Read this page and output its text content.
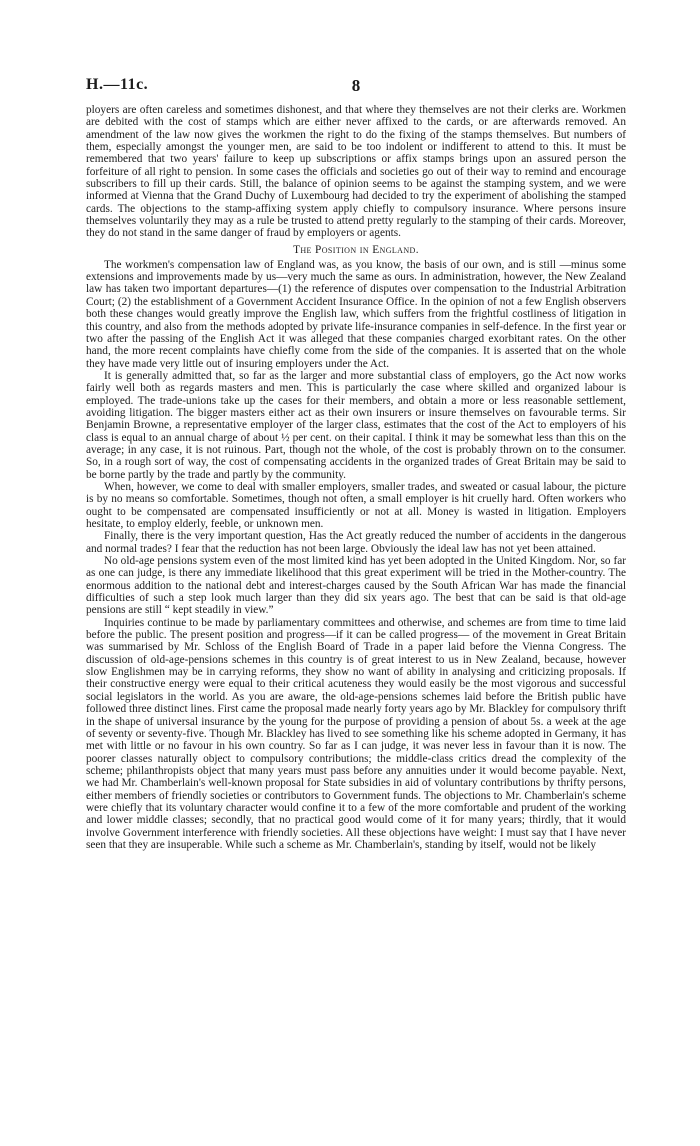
H.—11c.	8

ployers are often careless and sometimes dishonest, and that where they themselves are not their clerks are. Workmen are debited with the cost of stamps which are either never affixed to the cards, or are afterwards removed. An amendment of the law now gives the workmen the right to do the fixing of the stamps themselves. But numbers of them, especially amongst the younger men, are said to be too indolent or indifferent to attend to this. It must be remembered that two years' failure to keep up subscriptions or affix stamps brings upon an assured person the forfeiture of all right to pension. In some cases the officials and societies go out of their way to remind and encourage subscribers to fill up their cards. Still, the balance of opinion seems to be against the stamping system, and we were informed at Vienna that the Grand Duchy of Luxembourg had decided to try the experiment of abolishing the stamped cards. The objections to the stamp-affixing system apply chiefly to compulsory insurance. Where persons insure themselves voluntarily they may as a rule be trusted to attend pretty regularly to the stamping of their cards. Moreover, they do not stand in the same danger of fraud by employers or agents.

The Position in England.

The workmen's compensation law of England was, as you know, the basis of our own, and is still —minus some extensions and improvements made by us—very much the same as ours. In administration, however, the New Zealand law has taken two important departures—(1) the reference of disputes over compensation to the Industrial Arbitration Court; (2) the establishment of a Government Accident Insurance Office. In the opinion of not a few English observers both these changes would greatly improve the English law, which suffers from the frightful costliness of litigation in this country, and also from the methods adopted by private life-insurance companies in self-defence. In the first year or two after the passing of the English Act it was alleged that these companies charged exorbitant rates. On the other hand, the more recent complaints have chiefly come from the side of the companies. It is asserted that on the whole they have made very little out of insuring employers under the Act.

It is generally admitted that, so far as the larger and more substantial class of employers, go the Act now works fairly well both as regards masters and men. This is particularly the case where skilled and organized labour is employed. The trade-unions take up the cases for their members, and obtain a more or less reasonable settlement, avoiding litigation. The bigger masters either act as their own insurers or insure themselves on favourable terms. Sir Benjamin Browne, a representative employer of the larger class, estimates that the cost of the Act to employers of his class is equal to an annual charge of about ½ per cent. on their capital. I think it may be somewhat less than this on the average; in any case, it is not ruinous. Part, though not the whole, of the cost is probably thrown on to the consumer. So, in a rough sort of way, the cost of compensating accidents in the organized trades of Great Britain may be said to be borne partly by the trade and partly by the community.

When, however, we come to deal with smaller employers, smaller trades, and sweated or casual labour, the picture is by no means so comfortable. Sometimes, though not often, a small employer is hit cruelly hard. Often workers who ought to be compensated are compensated insufficiently or not at all. Money is wasted in litigation. Employers hesitate, to employ elderly, feeble, or unknown men.

Finally, there is the very important question, Has the Act greatly reduced the number of accidents in the dangerous and normal trades? I fear that the reduction has not been large. Obviously the ideal law has not yet been attained.

No old-age pensions system even of the most limited kind has yet been adopted in the United Kingdom. Nor, so far as one can judge, is there any immediate likelihood that this great experiment will be tried in the Mother-country. The enormous addition to the national debt and interest-charges caused by the South African War has made the financial difficulties of such a step look much larger than they did six years ago. The best that can be said is that old-age pensions are still “ kept steadily in view.”

Inquiries continue to be made by parliamentary committees and otherwise, and schemes are from time to time laid before the public. The present position and progress—if it can be called progress— of the movement in Great Britain was summarised by Mr. Schloss of the English Board of Trade in a paper laid before the Vienna Congress. The discussion of old-age-pensions schemes in this country is of great interest to us in New Zealand, because, however slow Englishmen may be in carrying reforms, they show no want of ability in analysing and criticizing proposals. If their constructive energy were equal to their critical acuteness they would easily be the most vigorous and successful social legislators in the world. As you are aware, the old-age-pensions schemes laid before the British public have followed three distinct lines. First came the proposal made nearly forty years ago by Mr. Blackley for compulsory thrift in the shape of universal insurance by the young for the purpose of providing a pension of about 5s. a week at the age of seventy or seventy-five. Though Mr. Blackley has lived to see something like his scheme adopted in Germany, it has met with little or no favour in his own country. So far as I can judge, it was never less in favour than it is now. The poorer classes naturally object to compulsory contributions; the middle-class critics dread the complexity of the scheme; philanthropists object that many years must pass before any annuities under it would become payable. Next, we had Mr. Chamberlain's well-known proposal for State subsidies in aid of voluntary contributions by thrifty persons, either members of friendly societies or contributors to Government funds. The objections to Mr. Chamberlain's scheme were chiefly that its voluntary character would confine it to a few of the more comfortable and prudent of the working and lower middle classes; secondly, that no practical good would come of it for many years; thirdly, that it would involve Government interference with friendly societies. All these objections have weight: I must say that I have never seen that they are insuperable. While such a scheme as Mr. Chamberlain's, standing by itself, would not be likely
